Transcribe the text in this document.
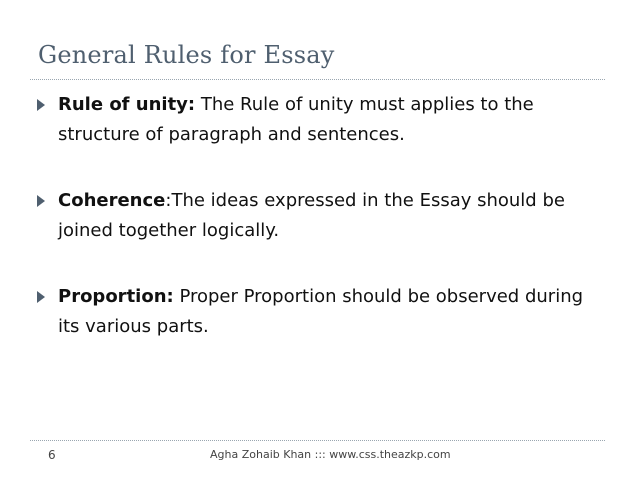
General Rules for Essay

Rule of unity: The Rule of unity must applies to the structure of paragraph and sentences.

Coherence:The ideas expressed in the Essay should be joined together logically.

Proportion: Proper Proportion should be observed during its various parts.

6	Agha Zohaib Khan ::: www.css.theazkp.com
